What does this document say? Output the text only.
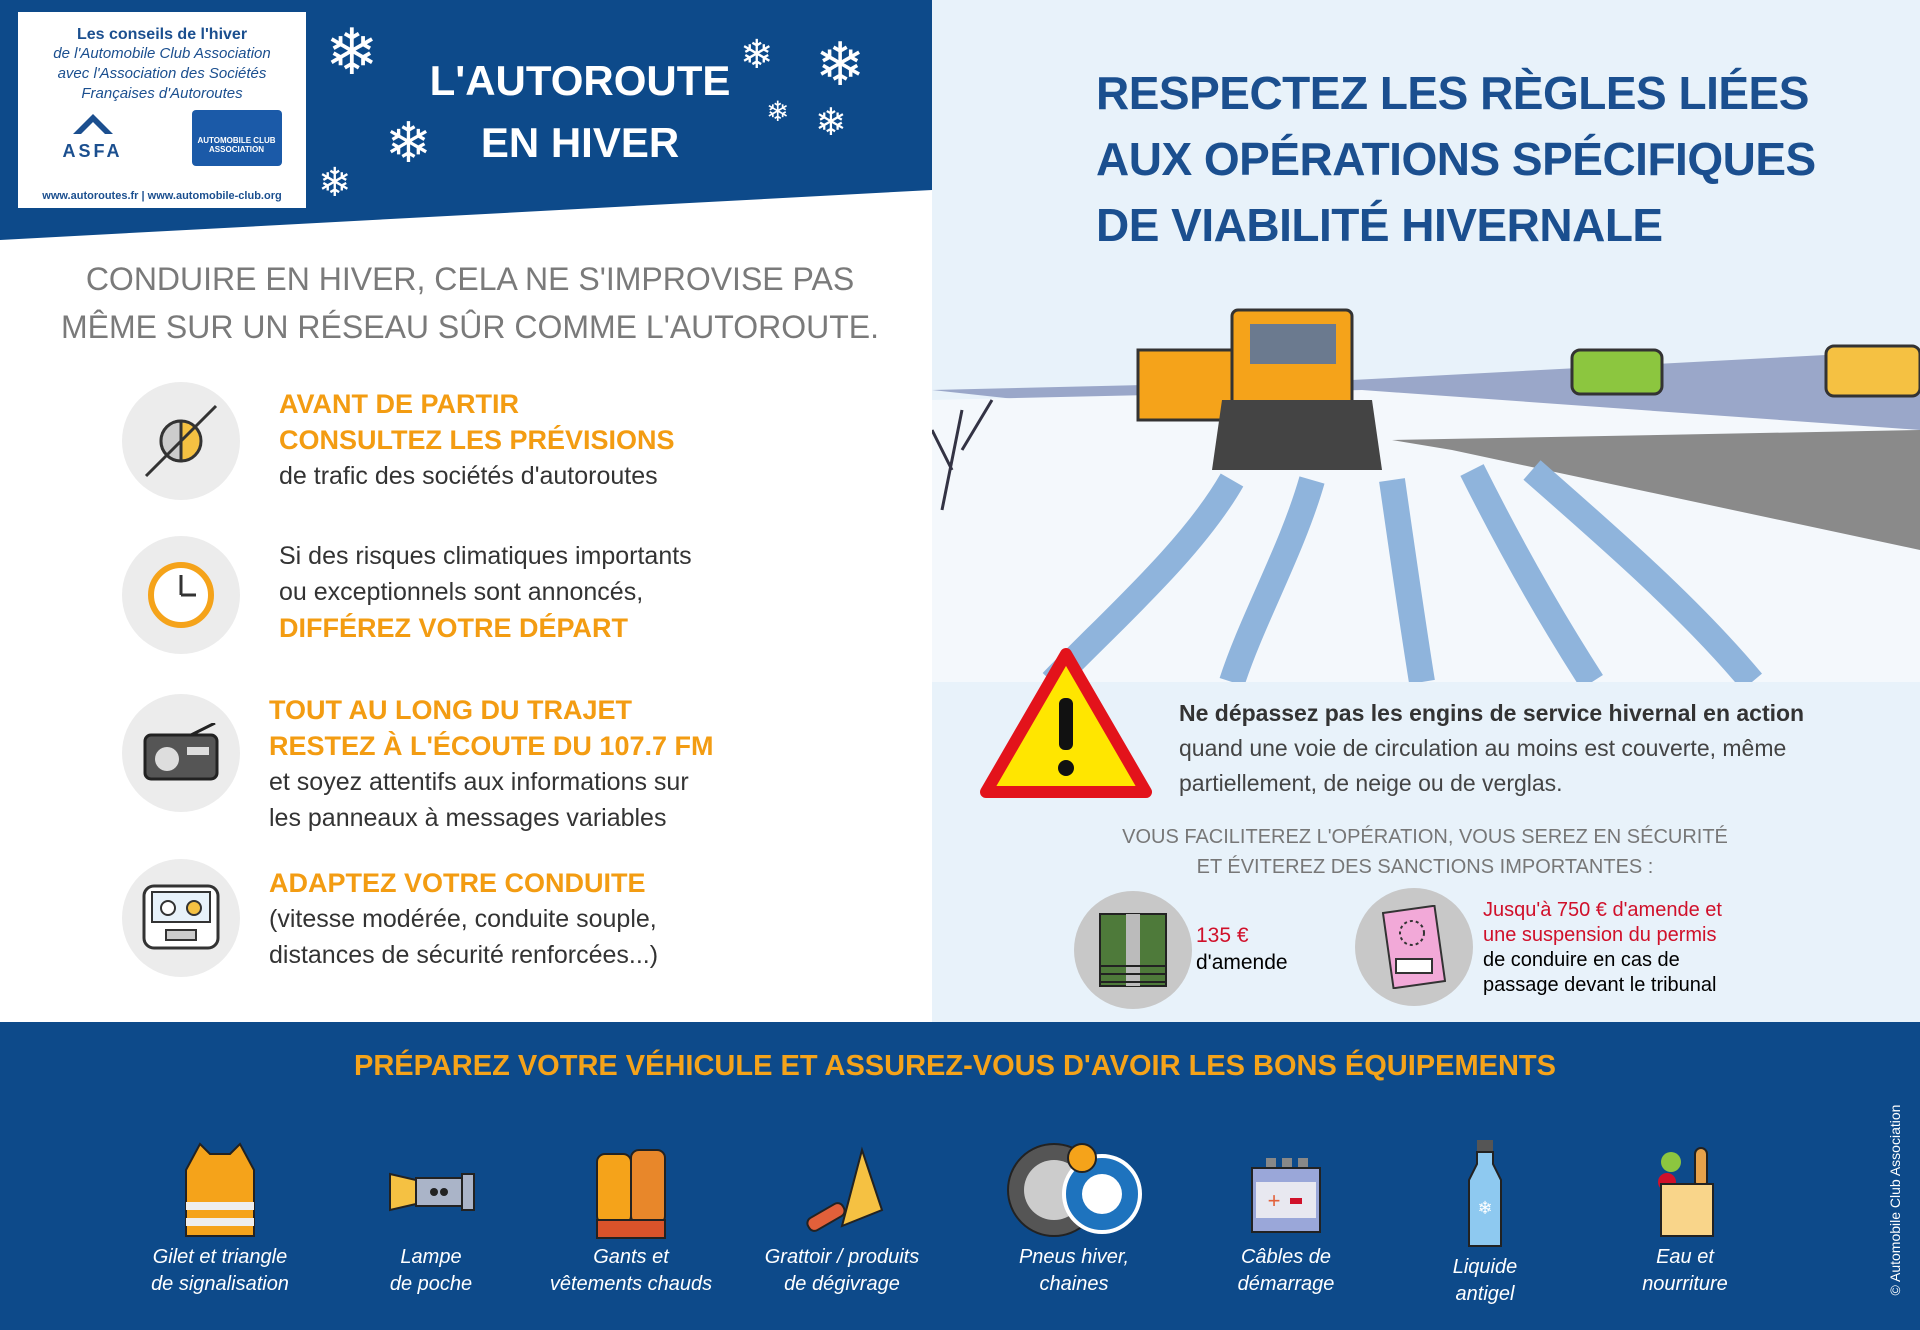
Les conseils de l'hiver
de l'Automobile Club Association
avec l'Association des Sociétés
Françaises d'Autoroutes
ASFA
AUTOMOBILE CLUB ASSOCIATION
www.autoroutes.fr | www.automobile-club.org
L'AUTOROUTE
EN HIVER
❄
❄
❄
❄ ❄
❄ ❄
CONDUIRE EN HIVER, CELA NE S'IMPROVISE PAS
MÊME SUR UN RÉSEAU SÛR COMME L'AUTOROUTE.
AVANT DE PARTIR
CONSULTEZ LES PRÉVISIONS
de trafic des sociétés d'autoroutes
Si des risques climatiques importants
ou exceptionnels sont annoncés,
DIFFÉREZ VOTRE DÉPART
TOUT AU LONG DU TRAJET
RESTEZ À L'ÉCOUTE DU 107.7 FM
et soyez attentifs aux informations sur
les panneaux à messages variables
ADAPTEZ VOTRE CONDUITE
(vitesse modérée, conduite souple,
distances de sécurité renforcées...)
RESPECTEZ LES RÈGLES LIÉES
AUX OPÉRATIONS SPÉCIFIQUES
DE VIABILITÉ HIVERNALE
Ne dépassez pas les engins de service hivernal en action
quand une voie de circulation au moins est couverte, même partiellement, de neige ou de verglas.
VOUS FACILITEREZ L'OPÉRATION, VOUS SEREZ EN SÉCURITÉ
ET ÉVITEREZ DES SANCTIONS IMPORTANTES :
135 €
d'amende
Jusqu'à 750 € d'amende et
une suspension du permis
de conduire en cas de
passage devant le tribunal
PRÉPAREZ VOTRE VÉHICULE ET ASSUREZ-VOUS D'AVOIR LES BONS ÉQUIPEMENTS
Gilet et triangle
de signalisation
Lampe
de poche
Gants et
vêtements chauds
Grattoir / produits
de dégivrage
Pneus hiver,
chaines
+
Câbles de
démarrage
❄
Liquide
antigel
Eau et
nourriture	© Automobile Club Association
